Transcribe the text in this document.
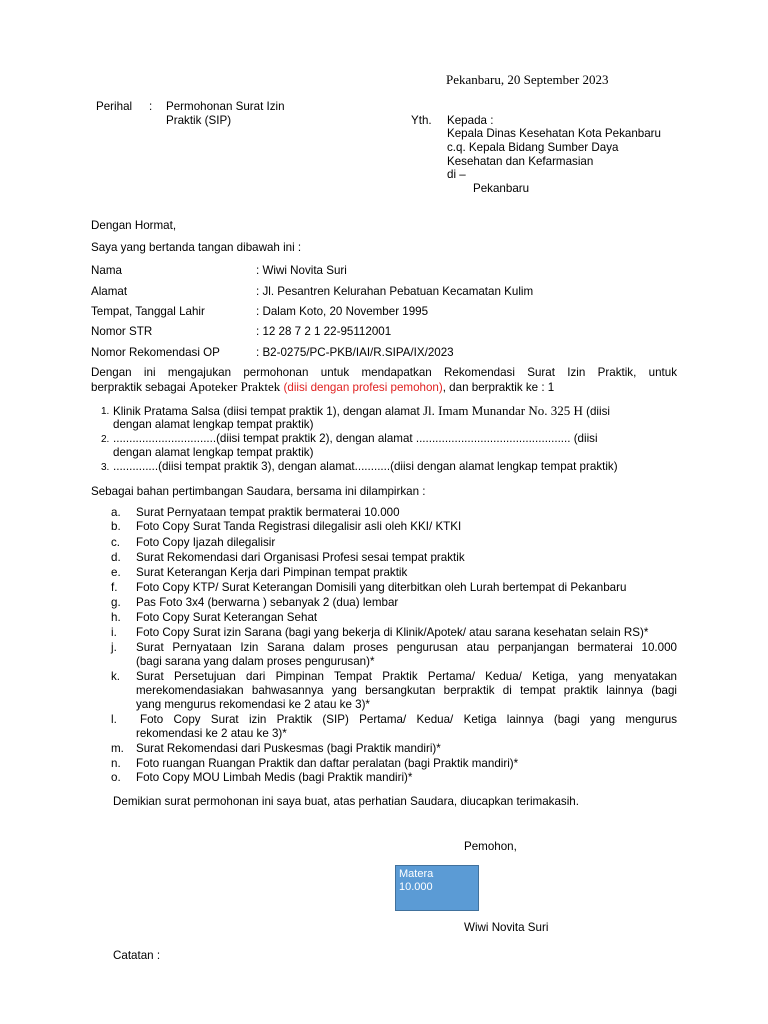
Pekanbaru, 20 September 2023
Perihal : Permohonan Surat Izin
Praktik (SIP)	Yth. Kepada :
Kepala Dinas Kesehatan Kota Pekanbaru
c.q. Kepala Bidang Sumber Daya
Kesehatan dan Kefarmasian
di –
Pekanbaru
Dengan Hormat,
Saya yang bertanda tangan dibawah ini :
Nama	: Wiwi Novita Suri
Alamat	: Jl. Pesantren Kelurahan Pebatuan Kecamatan Kulim
Tempat, Tanggal Lahir	: Dalam Koto, 20 November 1995
Nomor STR	: 12 28 7 2 1 22-95112001
Nomor Rekomendasi OP	: B2-0275/PC-PKB/IAI/R.SIPA/IX/2023
Dengan ini mengajukan permohonan untuk mendapatkan Rekomendasi Surat Izin Praktik, untuk
berpraktik sebagai Apoteker Praktek (diisi dengan profesi pemohon), dan berpraktik ke : 1
1. Klinik Pratama Salsa (diisi tempat praktik 1), dengan alamat Jl. Imam Munandar No. 325 H (diisi
dengan alamat lengkap tempat praktik)
2. ................................(diisi tempat praktik 2), dengan alamat ................................................ (diisi
dengan alamat lengkap tempat praktik)
3. ..............(diisi tempat praktik 3), dengan alamat...........(diisi dengan alamat lengkap tempat praktik)
Sebagai bahan pertimbangan Saudara, bersama ini dilampirkan :
a.	Surat Pernyataan tempat praktik bermaterai 10.000
b.	Foto Copy Surat Tanda Registrasi dilegalisir asli oleh KKI/ KTKI
c.	Foto Copy Ijazah dilegalisir
d.	Surat Rekomendasi dari Organisasi Profesi sesai tempat praktik
e.	Surat Keterangan Kerja dari Pimpinan tempat praktik
f.	Foto Copy KTP/ Surat Keterangan Domisili yang diterbitkan oleh Lurah bertempat di Pekanbaru
g.	Pas Foto 3x4 (berwarna ) sebanyak 2 (dua) lembar
h.	Foto Copy Surat Keterangan Sehat
i.	Foto Copy Surat izin Sarana (bagi yang bekerja di Klinik/Apotek/ atau sarana kesehatan selain RS)*
j.	Surat Pernyataan Izin Sarana dalam proses pengurusan atau perpanjangan bermaterai 10.000
(bagi sarana yang dalam proses pengurusan)*
k.	Surat Persetujuan dari Pimpinan Tempat Praktik Pertama/ Kedua/ Ketiga, yang menyatakan
merekomendasiakan bahwasannya yang bersangkutan berpraktik di tempat praktik lainnya (bagi
yang mengurus rekomendasi ke 2 atau ke 3)*
l.	Foto Copy Surat izin Praktik (SIP) Pertama/ Kedua/ Ketiga lainnya (bagi yang mengurus
rekomendasi ke 2 atau ke 3)*
m.	Surat Rekomendasi dari Puskesmas (bagi Praktik mandiri)*
n.	Foto ruangan Ruangan Praktik dan daftar peralatan (bagi Praktik mandiri)*
o.	Foto Copy MOU Limbah Medis (bagi Praktik mandiri)*
Demikian surat permohonan ini saya buat, atas perhatian Saudara, diucapkan terimakasih.
Pemohon,
Matera
10.000
Wiwi Novita Suri
Catatan :
